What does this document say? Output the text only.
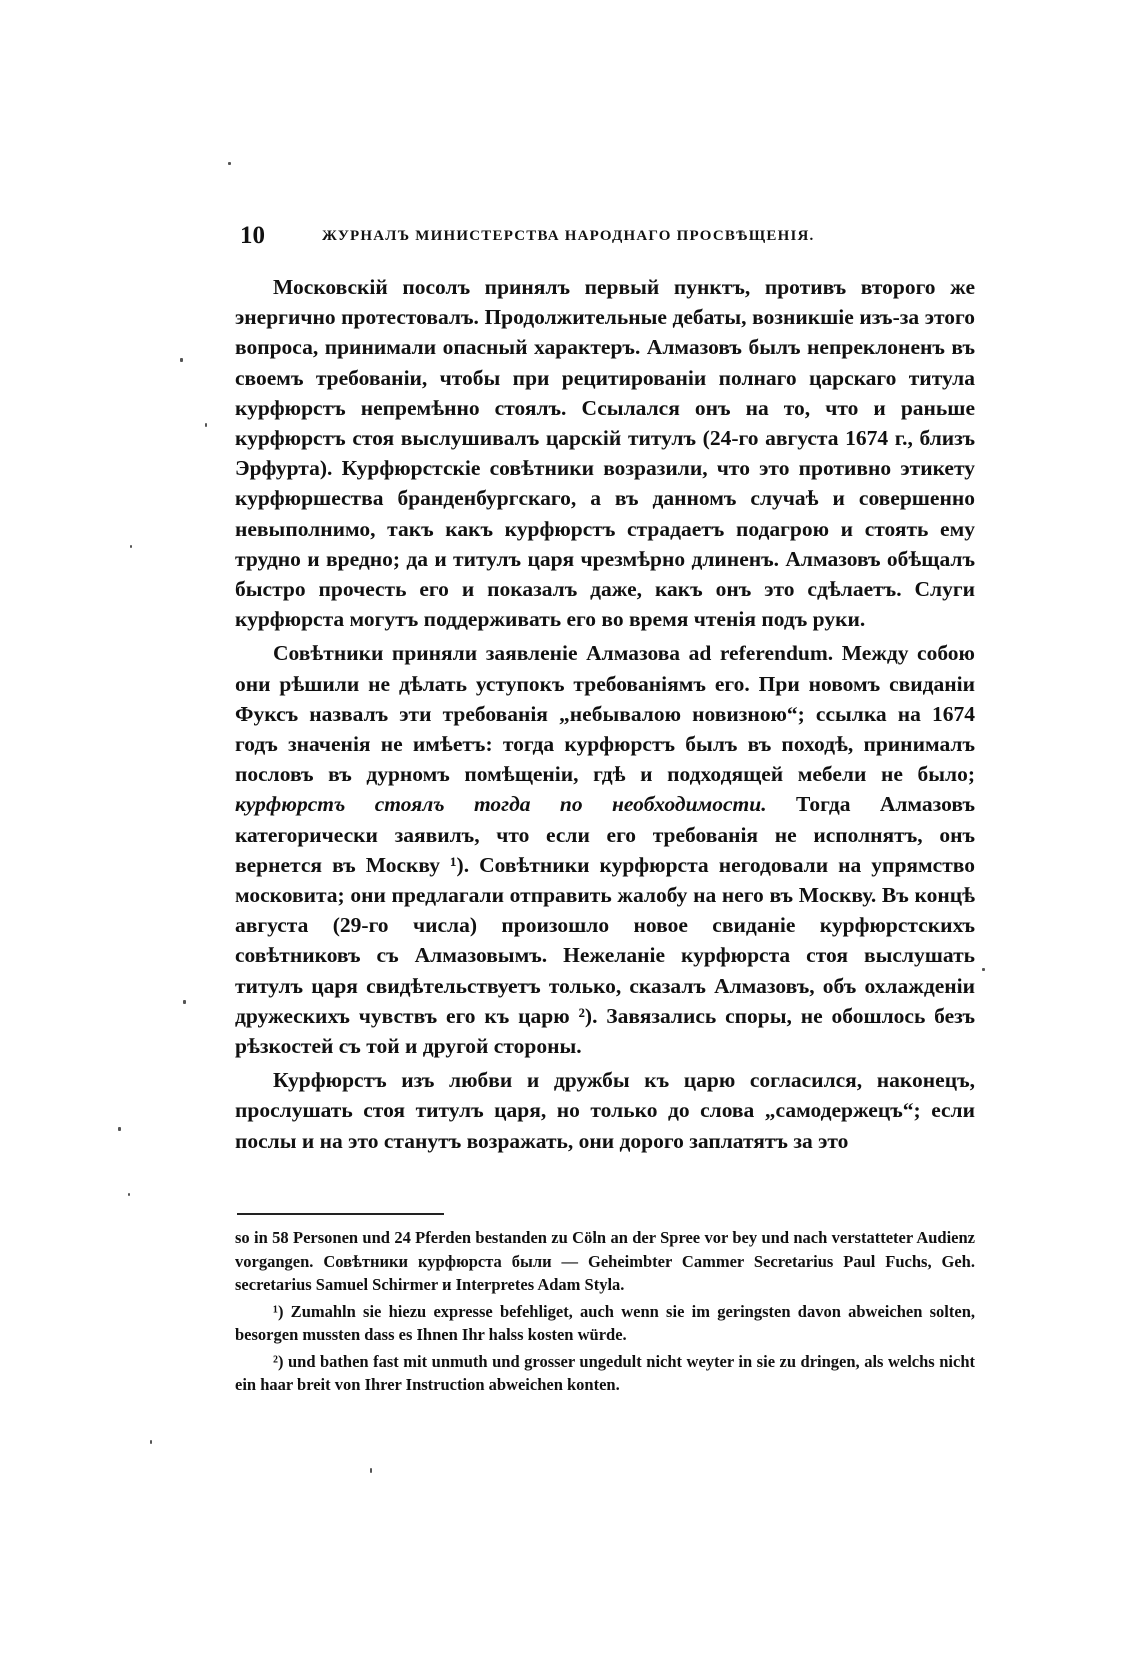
10	ЖУРНАЛЪ МИНИСТЕРСТВА НАРОДНАГО ПРОСВѢЩЕНІЯ.

Московскій посолъ принялъ первый пунктъ, противъ второго же энергично протестовалъ. Продолжительные дебаты, возникшіе изъ-за этого вопроса, принимали опасный характеръ. Алмазовъ былъ непреклоненъ въ своемъ требованіи, чтобы при рецитированіи полнаго царскаго титула курфюрстъ непремѣнно стоялъ. Ссылался онъ на то, что и раньше курфюрстъ стоя выслушивалъ царскій титулъ (24-го августа 1674 г., близъ Эрфурта). Курфюрстскіе совѣтники возразили, что это противно этикету курфюршества бранденбургскаго, а въ данномъ случаѣ и совершенно невыполнимо, такъ какъ курфюрстъ страдаетъ подагрою и стоять ему трудно и вредно; да и титулъ царя чрезмѣрно длиненъ. Алмазовъ обѣщалъ быстро прочесть его и показалъ даже, какъ онъ это сдѣлаетъ. Слуги курфюрста могутъ поддерживать его во время чтенія подъ руки.

Совѣтники приняли заявленіе Алмазова ad referendum. Между собою они рѣшили не дѣлать уступокъ требованіямъ его. При новомъ свиданіи Фуксъ назвалъ эти требованія „небывалою новизною“; ссылка на 1674 годъ значенія не имѣетъ: тогда курфюрстъ былъ въ походѣ, принималъ пословъ въ дурномъ помѣщеніи, гдѣ и подходящей мебели не было; курфюрстъ стоялъ тогда по необходимости. Тогда Алмазовъ категорически заявилъ, что если его требованія не исполнятъ, онъ вернется въ Москву ¹). Совѣтники курфюрста негодовали на упрямство московита; они предлагали отправить жалобу на него въ Москву. Въ концѣ августа (29-го числа) произошло новое свиданіе курфюрстскихъ совѣтниковъ съ Алмазовымъ. Нежеланіе курфюрста стоя выслушать титулъ царя свидѣтельствуетъ только, сказалъ Алмазовъ, объ охлажденіи дружескихъ чувствъ его къ царю ²). Завязались споры, не обошлось безъ рѣзкостей съ той и другой стороны.

Курфюрстъ изъ любви и дружбы къ царю согласился, наконецъ, прослушать стоя титулъ царя, но только до слова „самодержецъ“; если послы и на это станутъ возражать, они дорого заплатятъ за это

so in 58 Personen und 24 Pferden bestanden zu Cöln an der Spree vor bey und nach verstatteter Audienz vorgangen. Совѣтники курфюрста были — Geheimbter Cammer Secretarius Paul Fuchs, Geh. secretarius Samuel Schirmer и Interpretes Adam Styla.

¹) Zumahln sie hiezu expresse befehliget, auch wenn sie im geringsten davon abweichen solten, besorgen mussten dass es Ihnen Ihr halss kosten würde.

²) und bathen fast mit unmuth und grosser ungedult nicht weyter in sie zu dringen, als welchs nicht ein haar breit von Ihrer Instruction abweichen konten.
